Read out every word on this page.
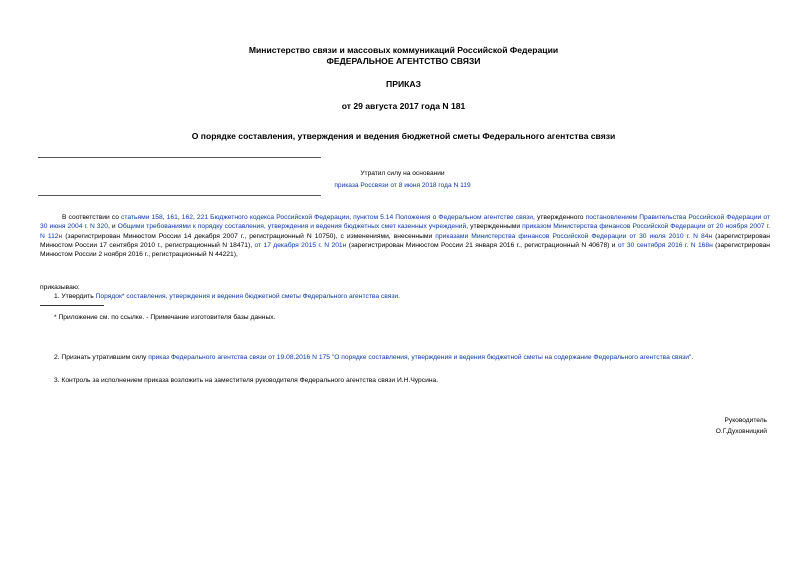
Министерство связи и массовых коммуникаций Российской Федерации
ФЕДЕРАЛЬНОЕ АГЕНТСТВО СВЯЗИ
ПРИКАЗ
от 29 августа 2017 года N 181
О порядке составления, утверждения и ведения бюджетной сметы Федерального агентства связи
Утратил силу на основании
приказа Россвязи от 8 июня 2018 года N 119
В соответствии со статьями 158, 161, 162, 221 Бюджетного кодекса Российской Федерации, пунктом 5.14 Положения о Федеральном агентстве связи, утвержденного постановлением Правительства Российской Федерации от 30 июня 2004 г. N 320, и Общими требованиями к порядку составления, утверждения и ведения бюджетных смет казенных учреждений, утвержденными приказом Министерства финансов Российской Федерации от 20 ноября 2007 г. N 112н (зарегистрирован Минюстом России 14 декабря 2007 г., регистрационный N 10750), с изменениями, внесенными приказами Министерства финансов Российской Федерации от 30 июля 2010 г. N 84н (зарегистрирован Минюстом России 17 сентября 2010 г., регистрационный N 18471), от 17 декабря 2015 г. N 201н (зарегистрирован Минюстом России 21 января 2016 г., регистрационный N 40678) и от 30 сентября 2016 г. N 168н (зарегистрирован Минюстом России 2 ноября 2016 г., регистрационный N 44221),
приказываю:
1. Утвердить Порядок* составления, утверждения и ведения бюджетной сметы Федерального агентства связи.
* Приложение см. по ссылке. - Примечание изготовителя базы данных.
2. Признать утратившим силу приказ Федерального агентства связи от 19.08.2016 N 175 "О порядке составления, утверждения и ведения бюджетной сметы на содержание Федерального агентства связи".
3. Контроль за исполнением приказа возложить на заместителя руководителя Федерального агентства связи И.Н.Чурсина.
Руководитель
О.Г.Духовницкий
